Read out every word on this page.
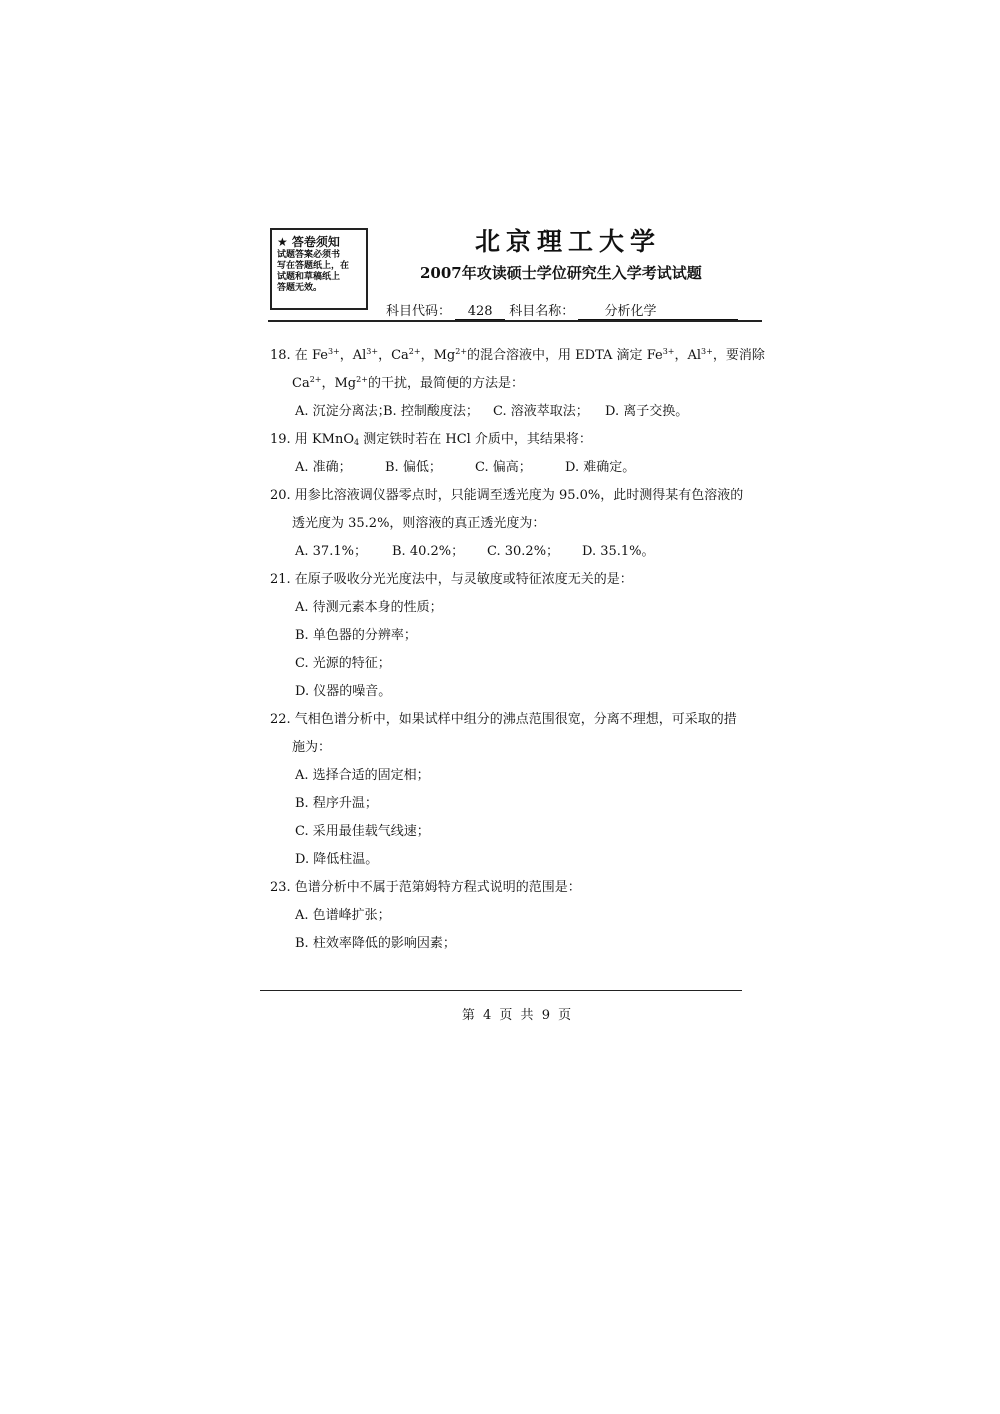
★ 答卷须知
试题答案必须书
写在答题纸上，在
试题和草稿纸上
答题无效。
北京理工大学
2007年攻读硕士学位研究生入学考试试题
科目代码： 428 科目名称： 分析化学
18. 在 $Fe^{3+}$，$Al^{3+}$，$Ca^{2+}$，$Mg^{2+}$的混合溶液中，用 EDTA 滴定 $Fe^{3+}$，$Al^{3+}$，要消除
$Ca^{2+}$，$Mg^{2+}$的干扰，最简便的方法是：
A. 沉淀分离法；B. 控制酸度法； C. 溶液萃取法； D. 离子交换。
19. 用 KMnO$_4$ 测定铁时若在 HCl 介质中，其结果将：
A. 准确；	B. 偏低；	C. 偏高；	D. 难确定。
20. 用参比溶液调仪器零点时，只能调至透光度为 95.0%，此时测得某有色溶液的
透光度为 35.2%，则溶液的真正透光度为：
A. 37.1%； B. 40.2%； C. 30.2%； D. 35.1%。
21. 在原子吸收分光光度法中，与灵敏度或特征浓度无关的是：
A. 待测元素本身的性质；
B. 单色器的分辨率；
C. 光源的特征；
D. 仪器的噪音。
22. 气相色谱分析中，如果试样中组分的沸点范围很宽，分离不理想，可采取的措
施为：
A. 选择合适的固定相；
B. 程序升温；
C. 采用最佳载气线速；
D. 降低柱温。
23. 色谱分析中不属于范第姆特方程式说明的范围是：
A. 色谱峰扩张；
B. 柱效率降低的影响因素；
第 4 页 共 9 页
